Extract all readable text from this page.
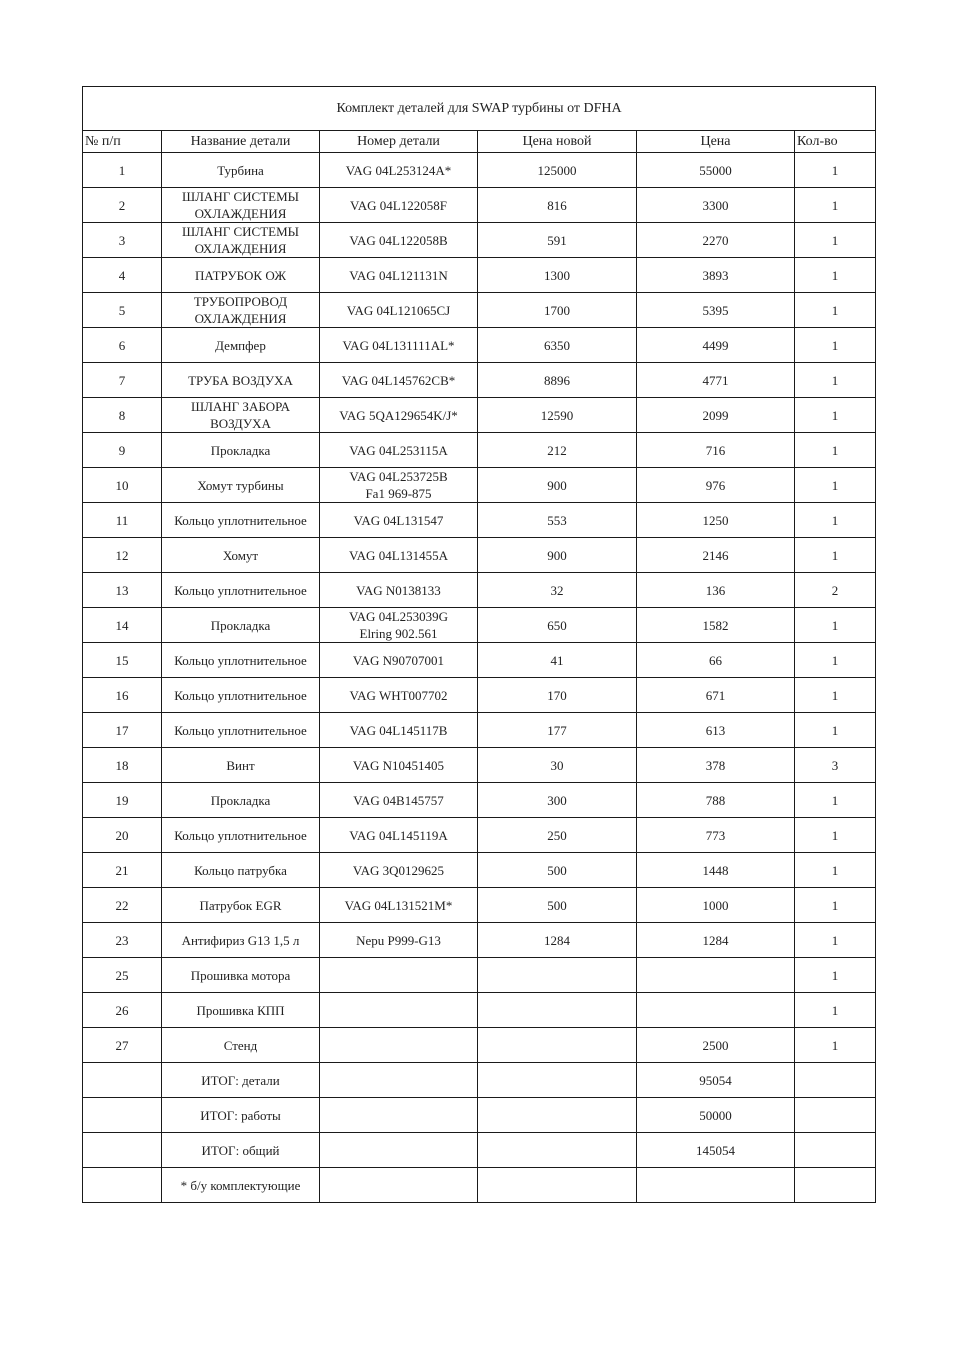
Комплект деталей для SWAP турбины от DFHA					
№ п/п	Название детали	Номер детали	Цена новой	Цена	Кол-во
1	Турбина	VAG 04L253124A*	125000	55000	1
2	ШЛАНГ СИСТЕМЫ ОХЛАЖДЕНИЯ	VAG 04L122058F	816	3300	1
3	ШЛАНГ СИСТЕМЫ ОХЛАЖДЕНИЯ	VAG 04L122058B	591	2270	1
4	ПАТРУБОК ОЖ	VAG 04L121131N	1300	3893	1
5	ТРУБОПРОВОД ОХЛАЖДЕНИЯ	VAG 04L121065CJ	1700	5395	1
6	Демпфер	VAG 04L131111AL*	6350	4499	1
7	ТРУБА ВОЗДУХА	VAG 04L145762CB*	8896	4771	1
8	ШЛАНГ ЗАБОРА ВОЗДУХА	VAG 5QA129654K/J*	12590	2099	1
9	Прокладка	VAG 04L253115A	212	716	1
10	Хомут турбины	VAG 04L253725B
Fa1 969-875	900	976	1
11	Кольцо уплотнительное	VAG 04L131547	553	1250	1
12	Хомут	VAG 04L131455A	900	2146	1
13	Кольцо уплотнительное	VAG N0138133	32	136	2
14	Прокладка	VAG 04L253039G
Elring 902.561	650	1582	1
15	Кольцо уплотнительное	VAG N90707001	41	66	1
16	Кольцо уплотнительное	VAG WHT007702	170	671	1
17	Кольцо уплотнительное	VAG 04L145117B	177	613	1
18	Винт	VAG N10451405	30	378	3
19	Прокладка	VAG 04B145757	300	788	1
20	Кольцо уплотнительное	VAG 04L145119A	250	773	1
21	Кольцо патрубка	VAG 3Q0129625	500	1448	1
22	Патрубок EGR	VAG 04L131521M*	500	1000	1
23	Антифириз G13 1,5 л	Nepu P999-G13	1284	1284	1
25	Прошивка мотора				1
26	Прошивка КПП				1
27	Стенд			2500	1
	ИТОГ: детали			95054	
	ИТОГ: работы			50000	
	ИТОГ: общий			145054	
	* б/у комплектующие				
